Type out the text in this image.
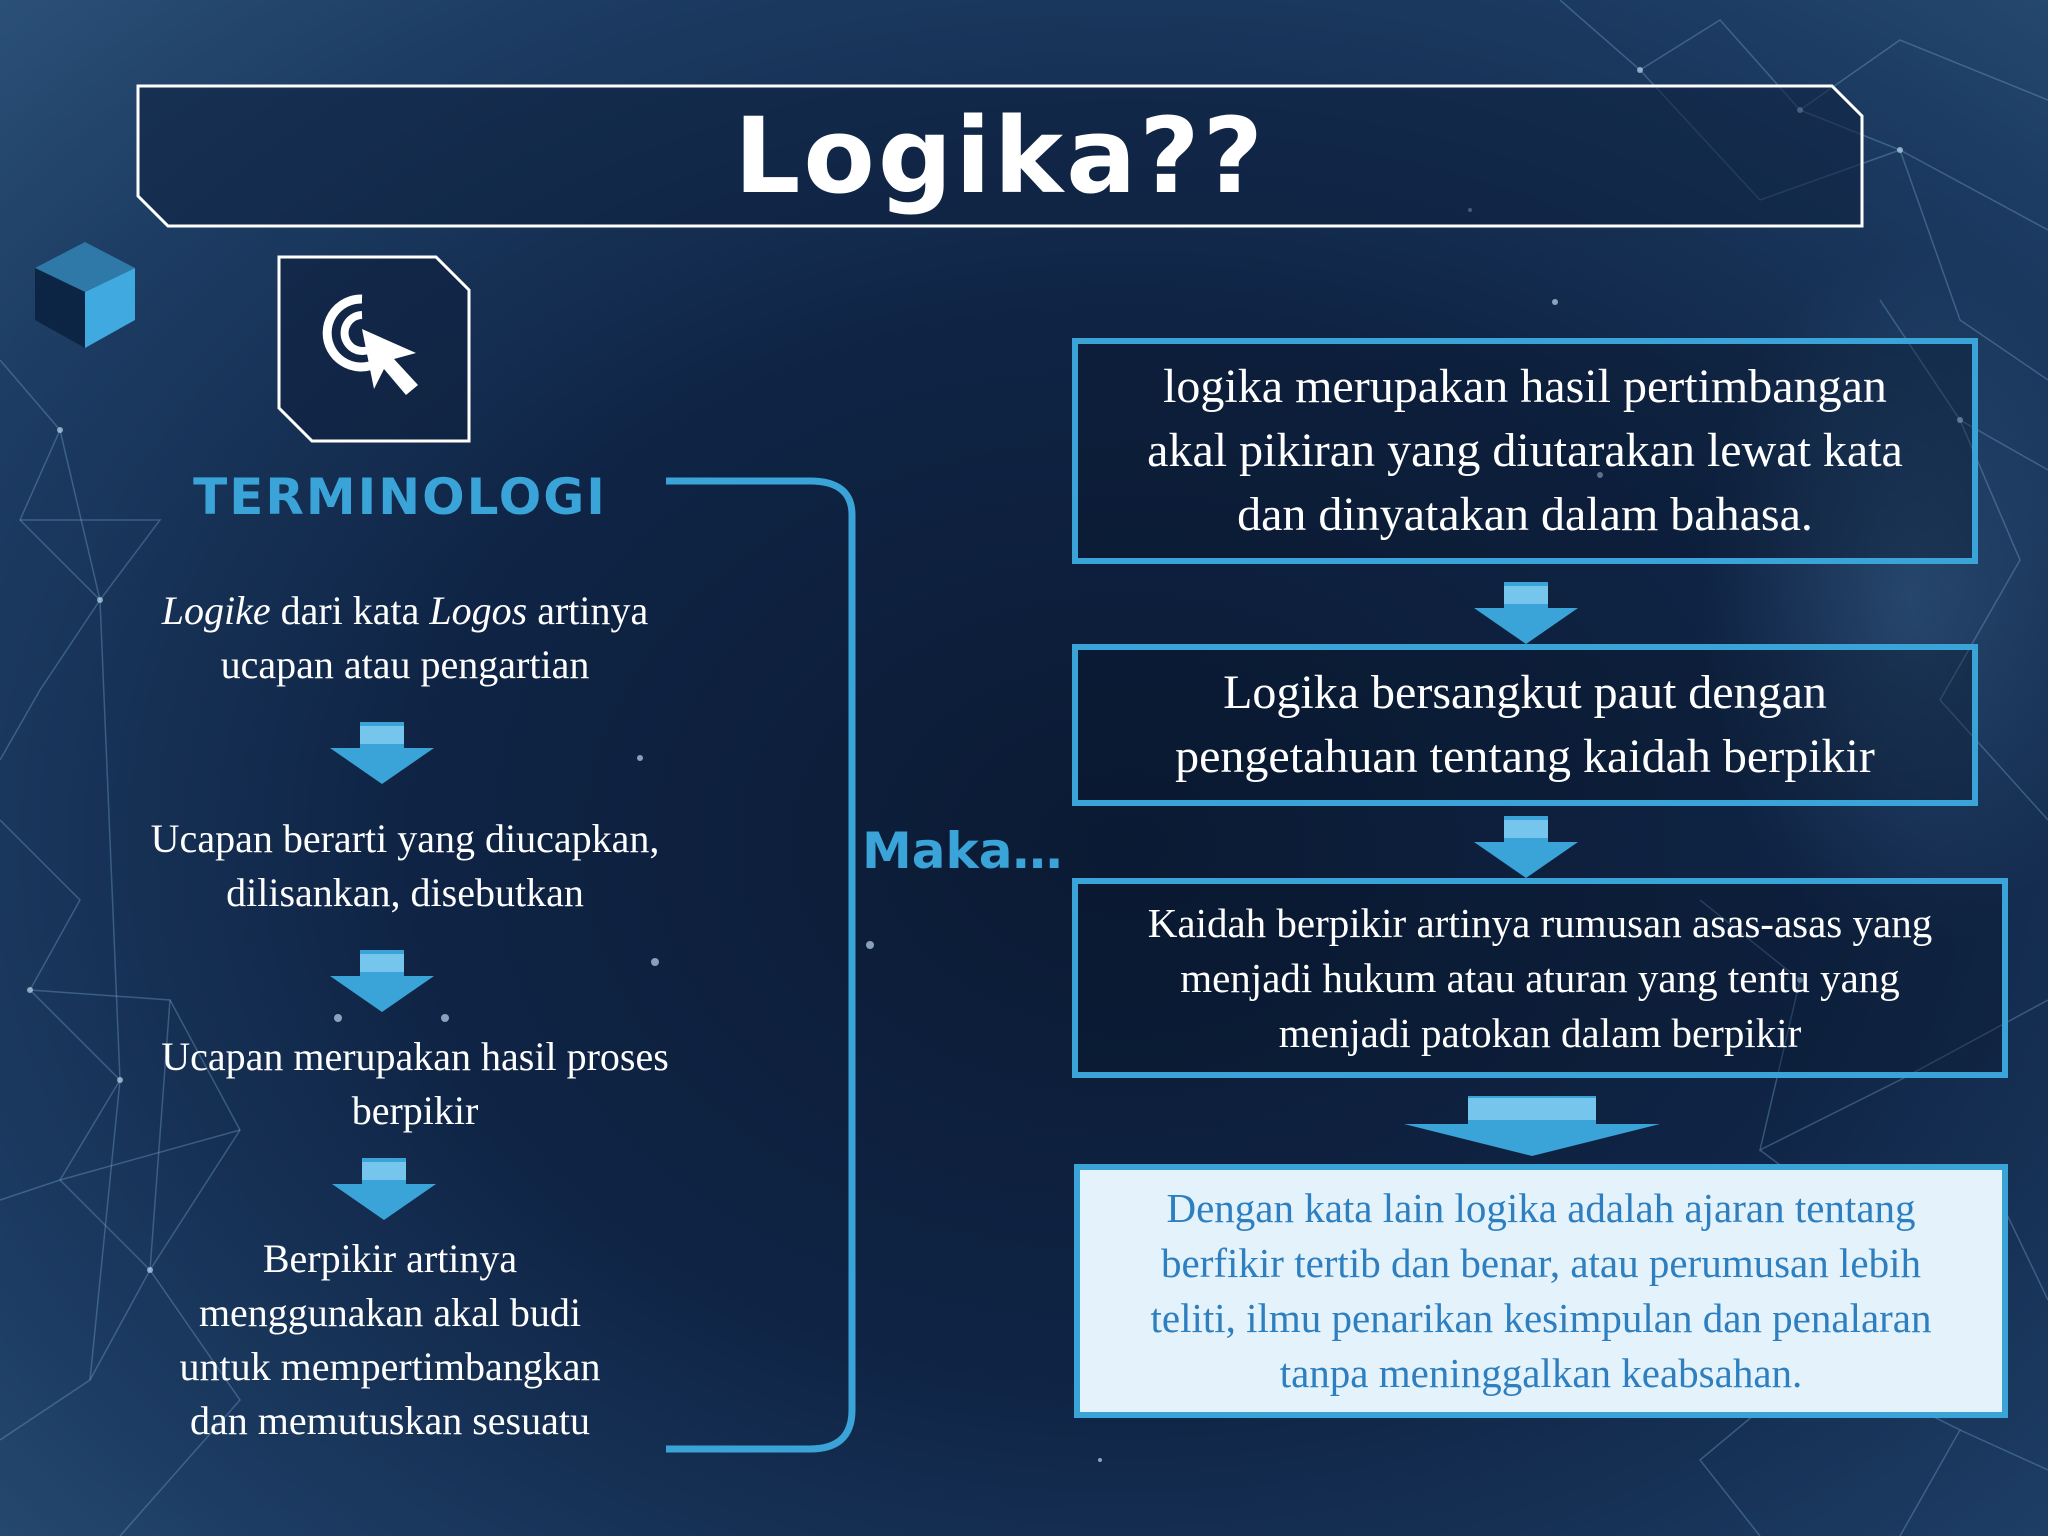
Logika??
TERMINOLOGI
Maka…
Logike dari kata Logos artinya
ucapan atau pengartian
Ucapan berarti yang diucapkan,
dilisankan, disebutkan
Ucapan merupakan hasil proses
berpikir
Berpikir artinya
menggunakan akal budi
untuk mempertimbangkan
dan memutuskan sesuatu
logika merupakan hasil pertimbangan
akal pikiran yang diutarakan lewat kata
dan dinyatakan dalam bahasa.
Logika bersangkut paut dengan
pengetahuan tentang kaidah berpikir
Kaidah berpikir artinya rumusan asas-asas yang
menjadi hukum atau aturan yang tentu yang
menjadi patokan dalam berpikir
Dengan kata lain logika adalah ajaran tentang
berfikir tertib dan benar, atau perumusan lebih
teliti, ilmu penarikan kesimpulan dan penalaran
tanpa meninggalkan keabsahan.
